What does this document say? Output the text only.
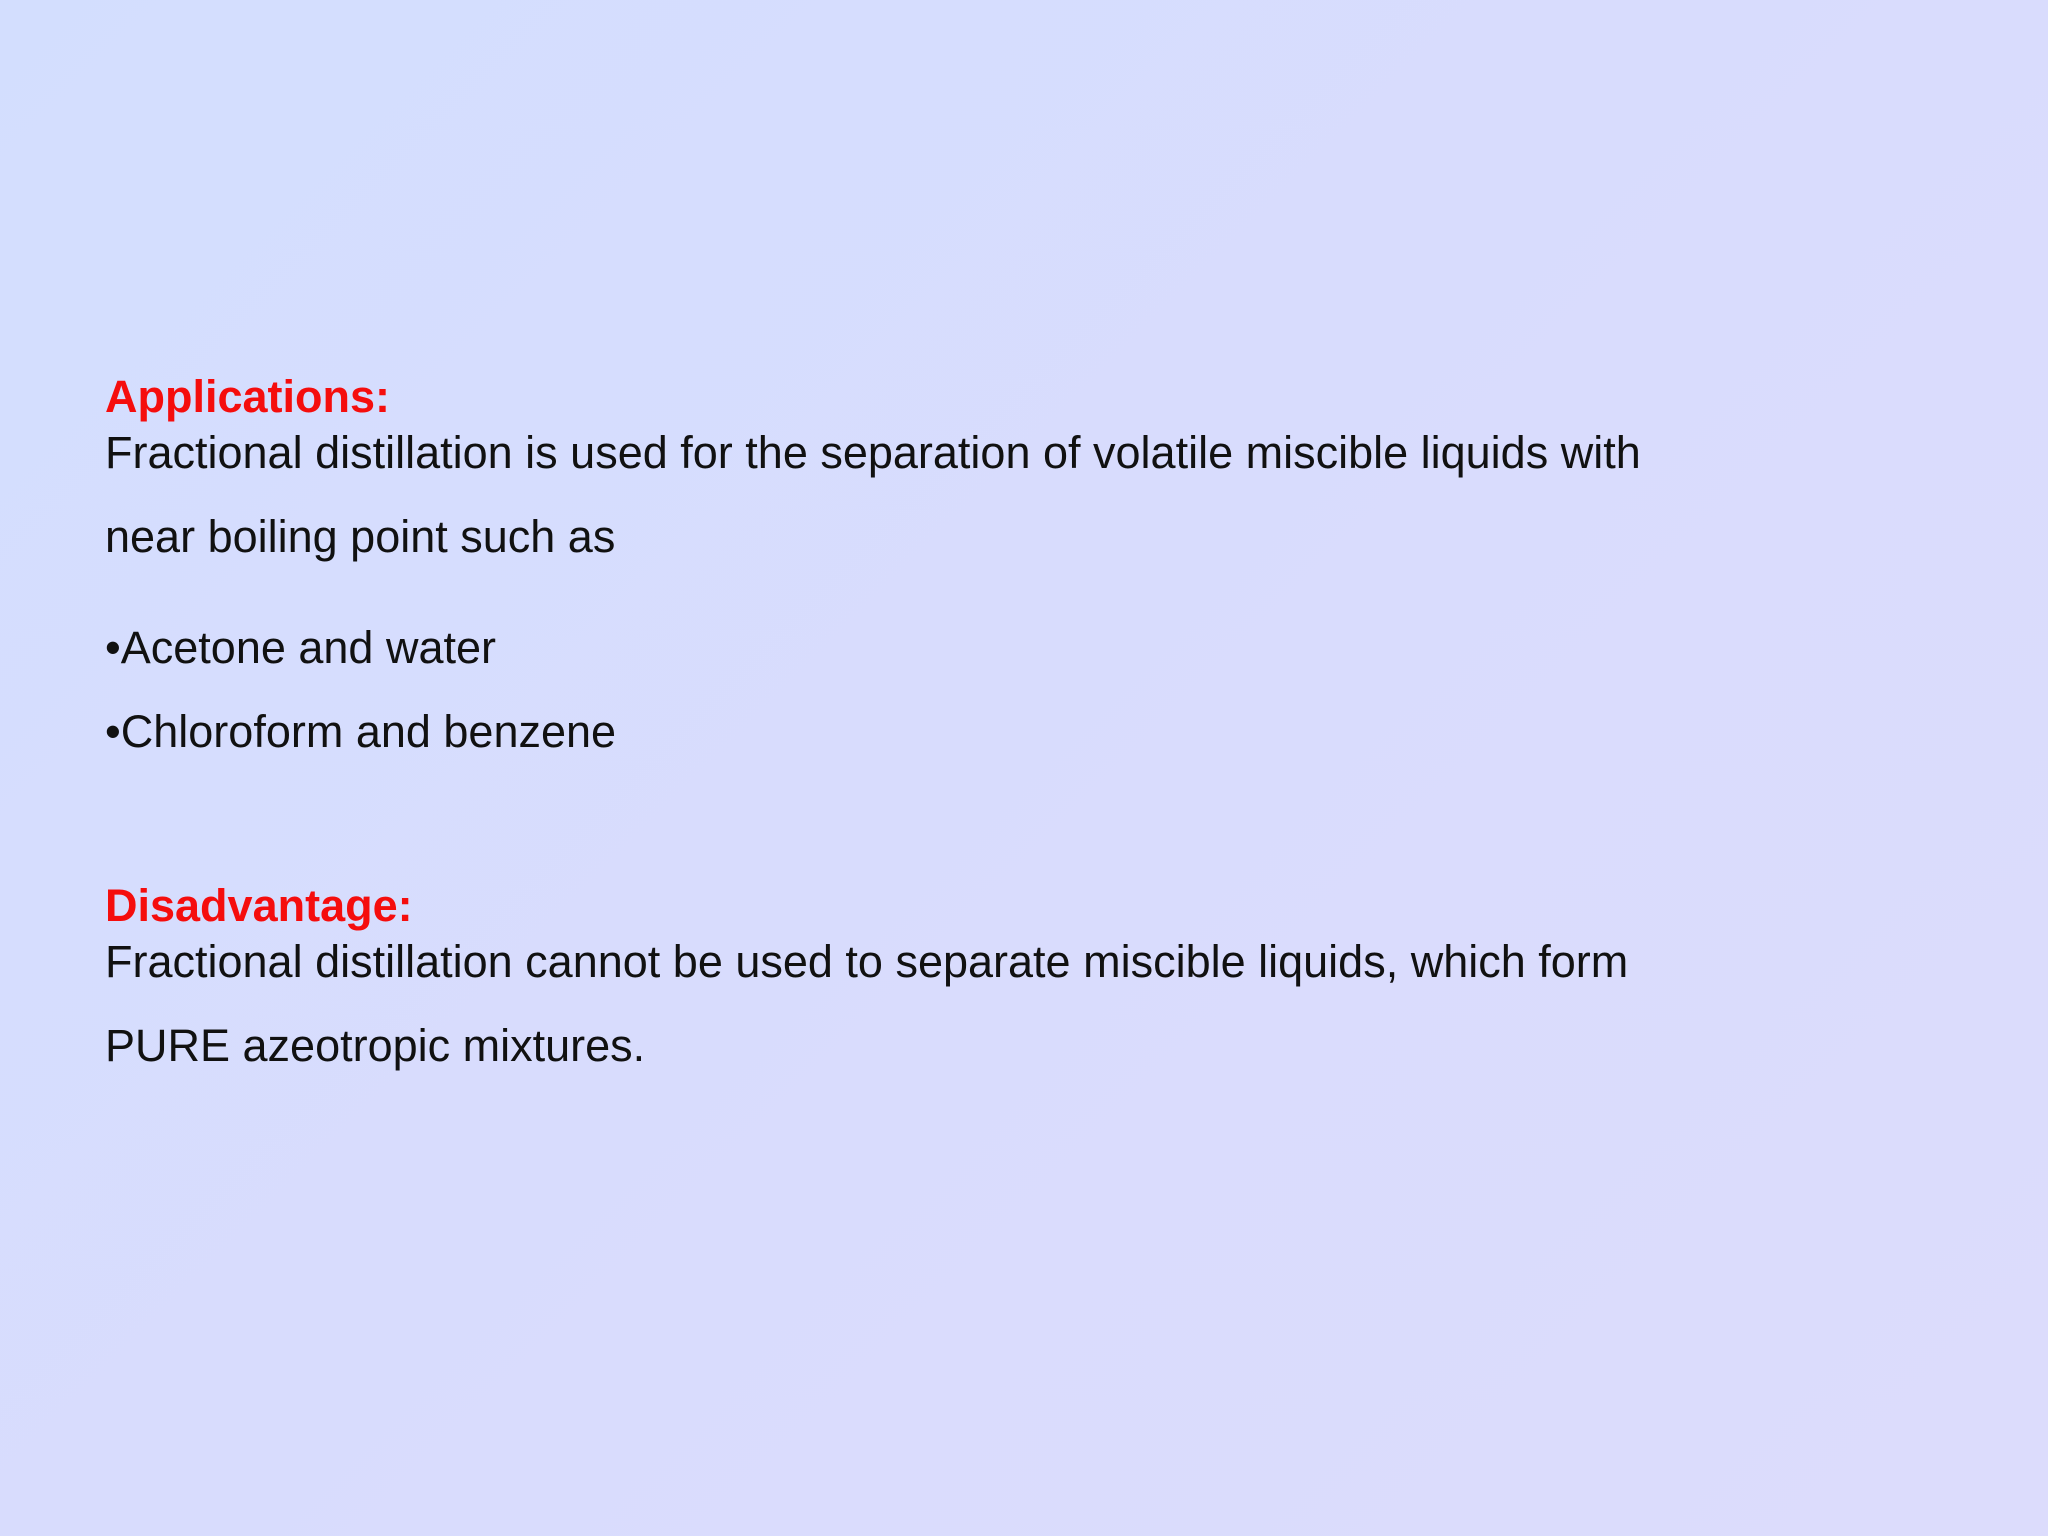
Applications:
Fractional distillation is used for the separation of volatile miscible liquids with
near boiling point such as
•Acetone and water
•Chloroform and benzene
Disadvantage:
Fractional distillation cannot be used to separate miscible liquids, which form
PURE azeotropic mixtures.
